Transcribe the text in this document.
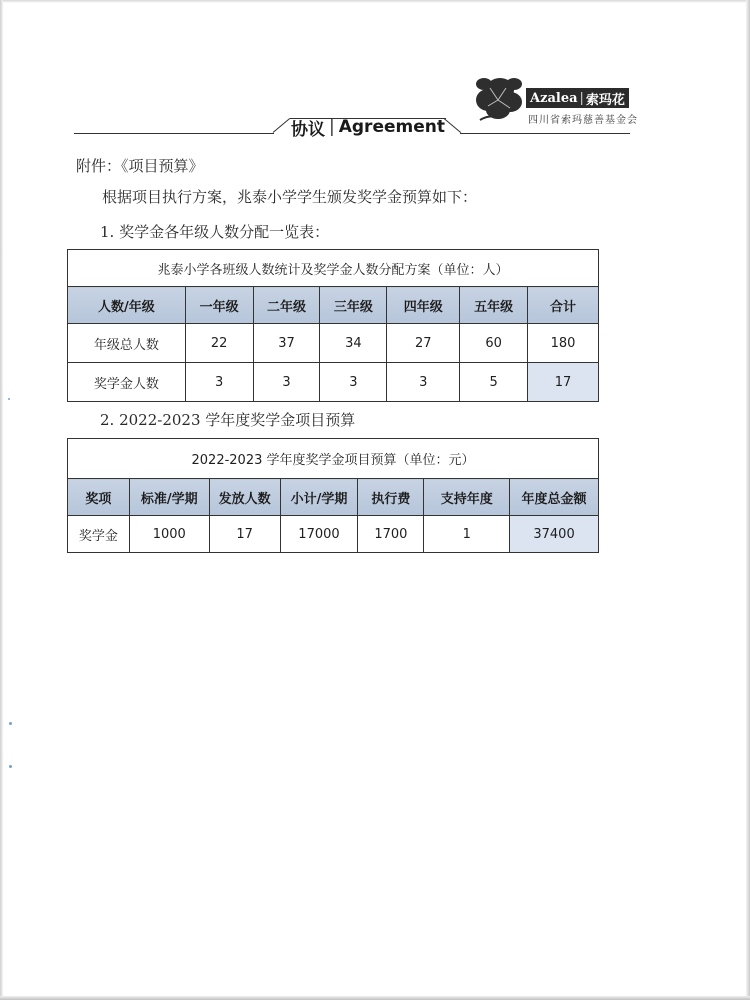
Azalea | 索玛花
四川省索玛慈善基金会
协议 | Agreement
附件：《项目预算》
根据项目执行方案，兆泰小学学生颁发奖学金预算如下：
1. 奖学金各年级人数分配一览表：
兆泰小学各班级人数统计及奖学金人数分配方案（单位：人）						
人数/年级	一年级	二年级	三年级	四年级	五年级	合计
年级总人数	22	37	34	27	60	180
奖学金人数	3	3	3	3	5	17
2. 2022-2023 学年度奖学金项目预算
2022-2023 学年度奖学金项目预算（单位：元）						
奖项	标准/学期	发放人数	小计/学期	执行费	支持年度	年度总金额
奖学金	1000	17	17000	1700	1	37400
